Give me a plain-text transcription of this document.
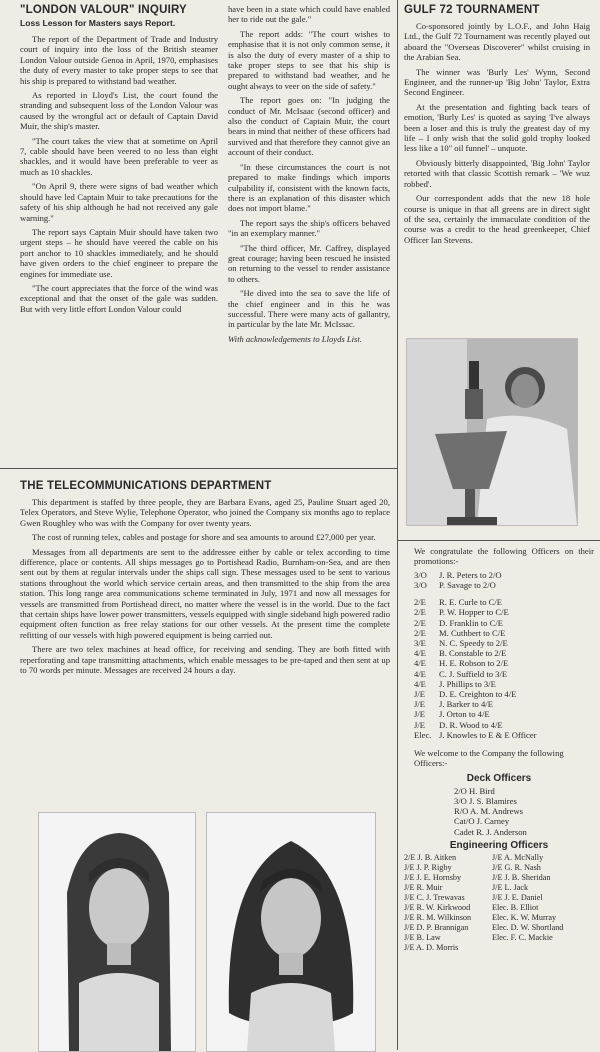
"LONDON VALOUR" INQUIRY
Loss Lesson for Masters says Report.

The report of the Department of Trade and Industry court of inquiry into the loss of the British steamer London Valour outside Genoa in April, 1970, emphasises the duty of every master to take proper steps to see that his ship is prepared to withstand bad weather.

As reported in Lloyd's List, the court found the stranding and subsequent loss of the London Valour was caused by the wrongful act or default of Captain David Muir, the ship's master.

"The court takes the view that at sometime on April 7, cable should have been veered to no less than eight shackles, and it would have been preferable to veer as much as 10 shackles.

"On April 9, there were signs of bad weather which should have led Captain Muir to take precautions for the safety of his ship although he had not received any gale warning."

The report says Captain Muir should have taken two urgent steps – he should have veered the cable on his port anchor to 10 shackles immediately, and he should have given orders to the chief engineer to prepare the engines for immediate use.

"The court appreciates that the force of the wind was exceptional and that the onset of the gale was sudden. But with very little effort London Valour could

have been in a state which could have enabled her to ride out the gale."

The report adds: "The court wishes to emphasise that it is not only common sense, it is also the duty of every master of a ship to take proper steps to see that his ship is prepared to withstand bad weather, and he ought always to veer on the side of safety."

The report goes on: "In judging the conduct of Mr. McIsaac (second officer) and also the conduct of Captain Muir, the court bears in mind that neither of these officers had survived and that therefore they cannot give an account of their conduct.

"In these circumstances the court is not prepared to make findings which imports culpability if, consistent with the known facts, there is an explanation of this disaster which does not import blame."

The report says the ship's officers behaved "in an exemplary manner."

"The third officer, Mr. Caffrey, displayed great courage; having been rescued he insisted on returning to the vessel to render assistance to others.

"He dived into the sea to save the life of the chief engineer and in this he was successful. There were many acts of gallantry, in particular by the late Mr. McIssac.

With acknowledgements to Lloyds List.

GULF 72 TOURNAMENT

Co-sponsored jointly by L.O.F., and John Haig Ltd., the Gulf 72 Tournament was recently played out aboard the "Overseas Discoverer" whilst cruising in the Arabian Sea.

The winner was 'Burly Les' Wynn, Second Engineer, and the runner-up 'Big John' Taylor, Extra Second Engineer.

At the presentation and fighting back tears of emotion, 'Burly Les' is quoted as saying 'I've always been a loser and this is truly the greatest day of my life – I only wish that the solid gold trophy looked less like a 10" oil funnel' – unquote.

Obviously bitterly disappointed, 'Big John' Taylor retorted with that classic Scottish remark – 'We wuz robbed'.

Our correspondent adds that the new 18 hole course is unique in that all greens are in direct sight of the sea, certainly the immaculate condition of the course was a credit to the head greenkeeper, Chief Officer Ian Stevens.

THE TELECOMMUNICATIONS DEPARTMENT

This department is staffed by three people, they are Barbara Evans, aged 25, Pauline Stuart aged 20, Telex Operators, and Steve Wylie, Telephone Operator, who joined the Company six months ago to replace Gwen Roughley who was with the Company for over twenty years.

The cost of running telex, cables and postage for shore and sea amounts to around £27,000 per year.

Messages from all departments are sent to the addressee either by cable or telex according to time difference, place or contents. All ships messages go to Portishead Radio, Burnham-on-Sea, and are then sent out by them at regular intervals under the ships call sign. These messages used to be sent to various stations throughout the world which service certain areas, and then transmitted to the ship from the area station. This long range area communications scheme terminated in July, 1971 and now all messages for vessels are transmitted from Portishead direct, no matter where the vessel is in the world. Due to the fact that certain ships have lower power transmitters, vessels equipped with single sideband high powered radio equipment often function as free relay stations for our other vessels. At the present time the complete refitting of our vessels with high powered equipment is being carried out.

There are two telex machines at head office, for receiving and sending. They are both fitted with reperforating and tape transmitting attachments, which enable messages to be pre-taped and then sent at up to 70 words per minute. Messages are received 24 hours a day.

We congratulate the following Officers on their promotions:-

3/O	J. R. Peters to 2/O
3/O	P. Savage to 2/O
2/E	R. E. Curle to C/E
2/E	P. W. Hopper to C/E
2/E	D. Franklin to C/E
2/E	M. Cuthbert to C/E
3/E	N. C. Speedy to 2/E
4/E	B. Constable to 2/E
4/E	H. E. Robson to 2/E
4/E	C. J. Suffield to 3/E
4/E	J. Phillips to 3/E
J/E	D. E. Creighton to 4/E
J/E	J. Barker to 4/E
J/E	J. Orton to 4/E
J/E	D. R. Wood to 4/E
Elec. J. Knowles to E & E Officer

We welcome to the Company the following Officers:-

Deck Officers
2/O H. Bird
3/O J. S. Blamires
R/O A. M. Andrews
Cat/O J. Carney
Cadet R. J. Anderson
Engineering Officers
2/E J. B. Aitken	J/E A. McNally
J/E J. P. Rigby	J/E G. R. Nash
J/E J. E. Hornsby	J/E J. B. Sheridan
J/E R. Muir	J/E L. Jack
J/E C. J. Trewavas	J/E J. E. Daniel
J/E R. W. Kirkwood	Elec. B. Elliot
J/E R. M. Wilkinson	Elec. K. W. Murray
J/E D. P. Brannigan	Elec. D. W. Shortland
J/E B. Law	Elec. F. C. Mackie
J/E A. D. Morris
